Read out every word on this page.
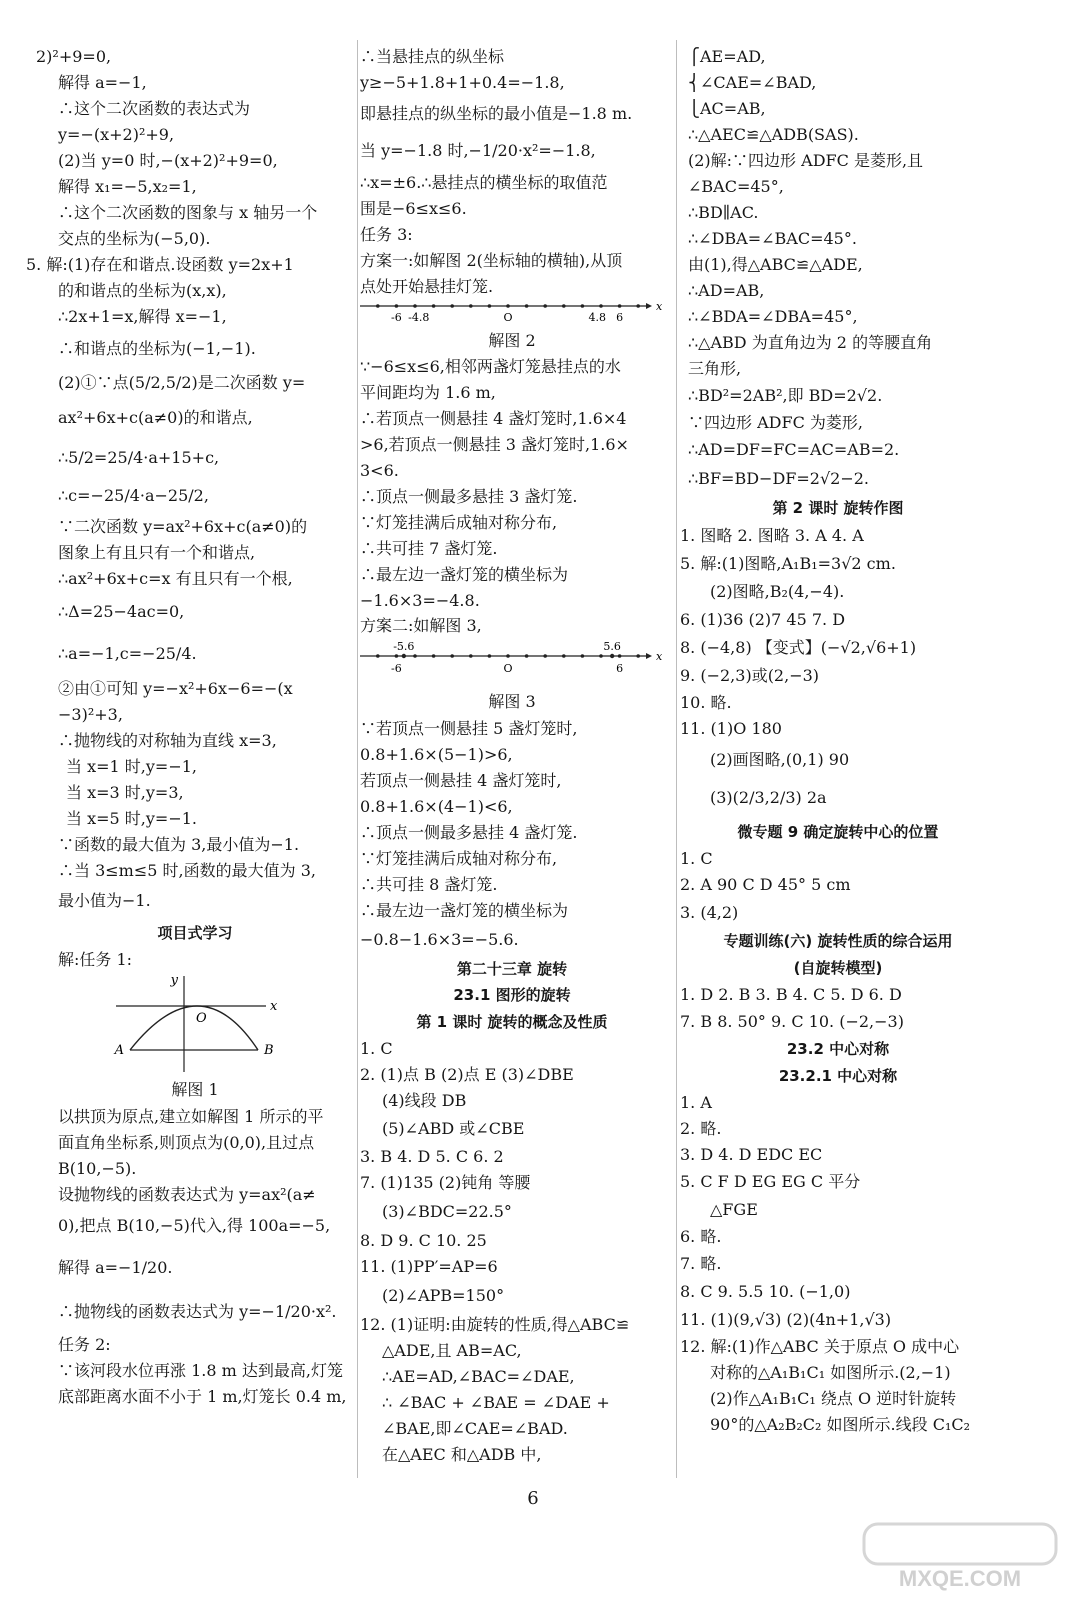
2)²+9=0,
解得 a=−1,
∴这个二次函数的表达式为
y=−(x+2)²+9,
(2)当 y=0 时,−(x+2)²+9=0,
解得 x₁=−5,x₂=1,
∴这个二次函数的图象与 x 轴另一个
交点的坐标为(−5,0).
5. 解:(1)存在和谐点.设函数 y=2x+1
的和谐点的坐标为(x,x),
∴2x+1=x,解得 x=−1,
∴和谐点的坐标为(−1,−1).
(2)①∵点(5/2,5/2)是二次函数 y=
ax²+6x+c(a≠0)的和谐点,
∴5/2=25/4·a+15+c,
∴c=−25/4·a−25/2,
∵二次函数 y=ax²+6x+c(a≠0)的
图象上有且只有一个和谐点,
∴ax²+6x+c=x 有且只有一个根,
∴Δ=25−4ac=0,
∴a=−1,c=−25/4.
②由①可知 y=−x²+6x−6=−(x
−3)²+3,
∴抛物线的对称轴为直线 x=3,
当 x=1 时,y=−1,
当 x=3 时,y=3,
当 x=5 时,y=−1.
∵函数的最大值为 3,最小值为−1.
∴当 3≤m≤5 时,函数的最大值为 3,
最小值为−1.
项目式学习
解:任务 1:
y
x
O
A	B
解图 1
以拱顶为原点,建立如解图 1 所示的平
面直角坐标系,则顶点为(0,0),且过点
B(10,−5).
设抛物线的函数表达式为 y=ax²(a≠
0),把点 B(10,−5)代入,得 100a=−5,
解得 a=−1/20.
∴抛物线的函数表达式为 y=−1/20·x².
任务 2:
∵该河段水位再涨 1.8 m 达到最高,灯笼
底部距离水面不小于 1 m,灯笼长 0.4 m,
∴当悬挂点的纵坐标
y≥−5+1.8+1+0.4=−1.8,
即悬挂点的纵坐标的最小值是−1.8 m.
当 y=−1.8 时,−1/20·x²=−1.8,
∴x=±6.∴悬挂点的横坐标的取值范
围是−6≤x≤6.
任务 3:
方案一:如解图 2(坐标轴的横轴),从顶
点处开始悬挂灯笼.
x
-6 -4.8	O	4.8 6
解图 2
∵−6≤x≤6,相邻两盏灯笼悬挂点的水
平间距均为 1.6 m,
∴若顶点一侧悬挂 4 盏灯笼时,1.6×4
>6,若顶点一侧悬挂 3 盏灯笼时,1.6×
3<6.
∴顶点一侧最多悬挂 3 盏灯笼.
∵灯笼挂满后成轴对称分布,
∴共可挂 7 盏灯笼.
∴最左边一盏灯笼的横坐标为
−1.6×3=−4.8.
方案二:如解图 3,
x
-5.6	5.6
-6	O	6
解图 3
∵若顶点一侧悬挂 5 盏灯笼时,
0.8+1.6×(5−1)>6,
若顶点一侧悬挂 4 盏灯笼时,
0.8+1.6×(4−1)<6,
∴顶点一侧最多悬挂 4 盏灯笼.
∵灯笼挂满后成轴对称分布,
∴共可挂 8 盏灯笼.
∴最左边一盏灯笼的横坐标为
−0.8−1.6×3=−5.6.
第二十三章 旋转
23.1 图形的旋转
第 1 课时 旋转的概念及性质
1. C
2. (1)点 B (2)点 E (3)∠DBE
(4)线段 DB
(5)∠ABD 或∠CBE
3. B 4. D 5. C 6. 2
7. (1)135 (2)钝角 等腰
(3)∠BDC=22.5°
8. D 9. C 10. 25
11. (1)PP′=AP=6
(2)∠APB=150°
12. (1)证明:由旋转的性质,得△ABC≌
△ADE,且 AB=AC,
∴AE=AD,∠BAC=∠DAE,
∴ ∠BAC + ∠BAE = ∠DAE +
∠BAE,即∠CAE=∠BAD.
在△AEC 和△ADB 中,
⎧AE=AD,
⎨∠CAE=∠BAD,
⎩AC=AB,
∴△AEC≌△ADB(SAS).
(2)解:∵四边形 ADFC 是菱形,且
∠BAC=45°,
∴BD∥AC.
∴∠DBA=∠BAC=45°.
由(1),得△ABC≌△ADE,
∴AD=AB,
∴∠BDA=∠DBA=45°,
∴△ABD 为直角边为 2 的等腰直角
三角形,
∴BD²=2AB²,即 BD=2√2.
∵四边形 ADFC 为菱形,
∴AD=DF=FC=AC=AB=2.
∴BF=BD−DF=2√2−2.
第 2 课时 旋转作图
1. 图略 2. 图略 3. A 4. A
5. 解:(1)图略,A₁B₁=3√2 cm.
(2)图略,B₂(4,−4).
6. (1)36 (2)7 45 7. D
8. (−4,8) 【变式】(−√2,√6+1)
9. (−2,3)或(2,−3)
10. 略.
11. (1)O 180
(2)画图略,(0,1) 90
(3)(2/3,2/3) 2a
微专题 9 确定旋转中心的位置
1. C
2. A 90 C D 45° 5 cm
3. (4,2)
专题训练(六) 旋转性质的综合运用
(自旋转模型)
1. D 2. B 3. B 4. C 5. D 6. D
7. B 8. 50° 9. C 10. (−2,−3)
23.2 中心对称
23.2.1 中心对称
1. A
2. 略.
3. D 4. D EDC EC
5. C F D EG EG C 平分
△FGE
6. 略.
7. 略.
8. C 9. 5.5 10. (−1,0)
11. (1)(9,√3) (2)(4n+1,√3)
12. 解:(1)作△ABC 关于原点 O 成中心
对称的△A₁B₁C₁ 如图所示.(2,−1)
(2)作△A₁B₁C₁ 绕点 O 逆时针旋转
90°的△A₂B₂C₂ 如图所示.线段 C₁C₂
6
MXQE.COM
